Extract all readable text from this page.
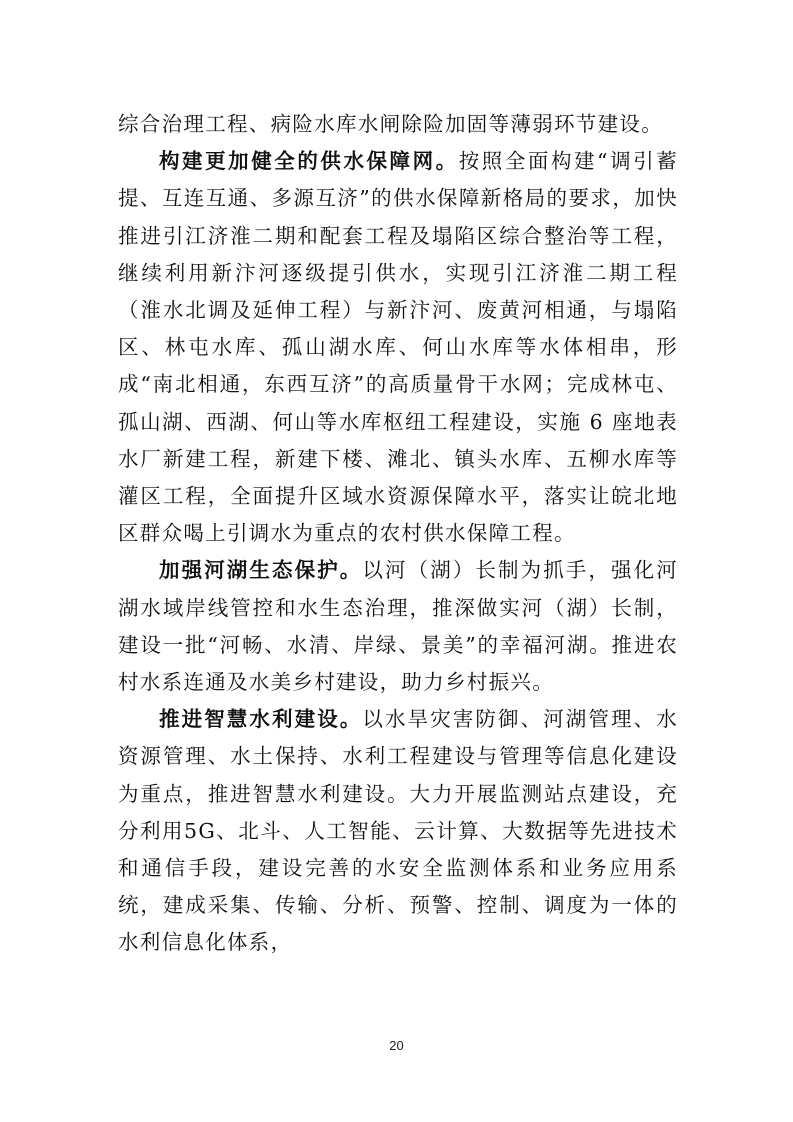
综合治理工程、病险水库水闸除险加固等薄弱环节建设。

构建更加健全的供水保障网。按照全面构建“调引蓄提、互连互通、多源互济”的供水保障新格局的要求，加快推进引江济淮二期和配套工程及塌陷区综合整治等工程，继续利用新汴河逐级提引供水，实现引江济淮二期工程（淮水北调及延伸工程）与新汴河、废黄河相通，与塌陷区、林屯水库、孤山湖水库、何山水库等水体相串，形成“南北相通，东西互济”的高质量骨干水网；完成林屯、孤山湖、西湖、何山等水库枢纽工程建设，实施 6 座地表水厂新建工程，新建下楼、滩北、镇头水库、五柳水库等灌区工程，全面提升区域水资源保障水平，落实让皖北地区群众喝上引调水为重点的农村供水保障工程。

加强河湖生态保护。以河（湖）长制为抓手，强化河湖水域岸线管控和水生态治理，推深做实河（湖）长制，建设一批“河畅、水清、岸绿、景美”的幸福河湖。推进农村水系连通及水美乡村建设，助力乡村振兴。

推进智慧水利建设。以水旱灾害防御、河湖管理、水资源管理、水土保持、水利工程建设与管理等信息化建设为重点，推进智慧水利建设。大力开展监测站点建设，充分利用5G、北斗、人工智能、云计算、大数据等先进技术和通信手段，建设完善的水安全监测体系和业务应用系统，建成采集、传输、分析、预警、控制、调度为一体的水利信息化体系，

20
